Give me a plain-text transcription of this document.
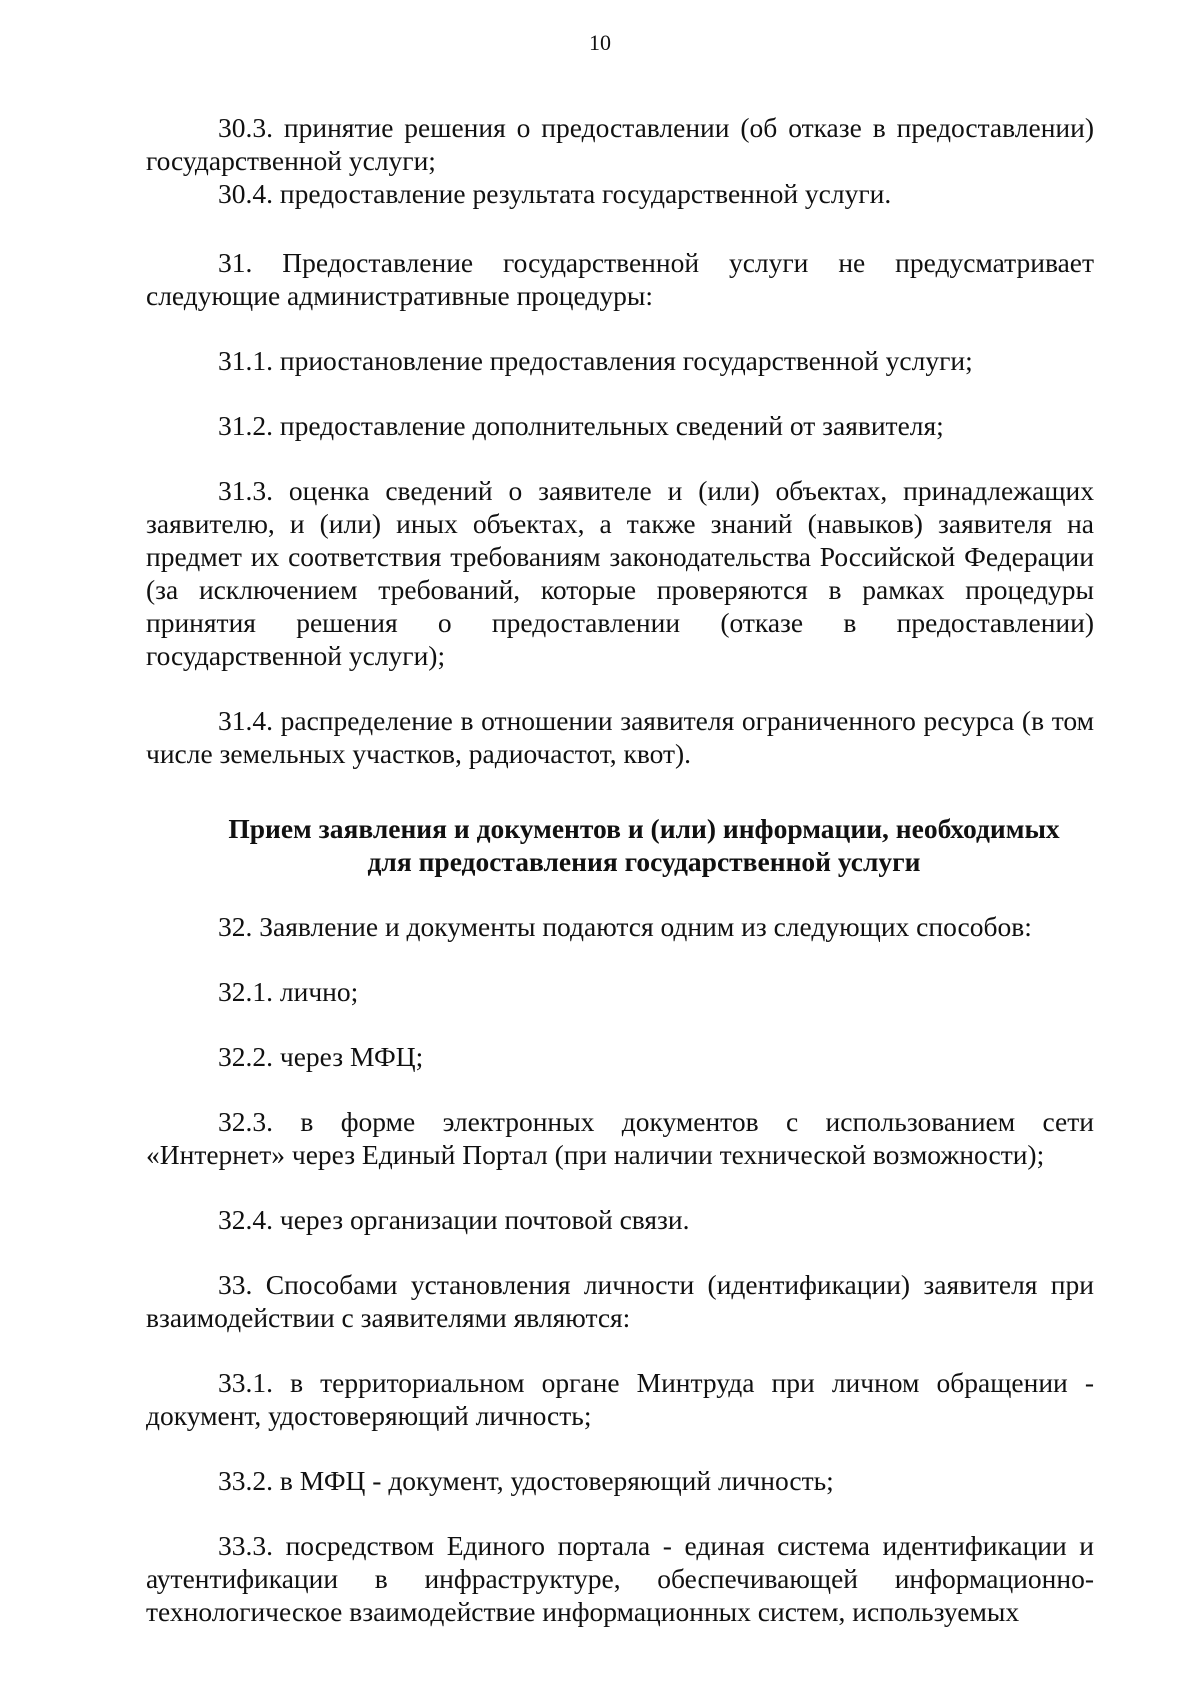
10

30.3. принятие решения о предоставлении (об отказе в предоставлении) государственной услуги;

30.4. предоставление результата государственной услуги.

31. Предоставление государственной услуги не предусматривает следующие административные процедуры:

31.1. приостановление предоставления государственной услуги;

31.2. предоставление дополнительных сведений от заявителя;

31.3. оценка сведений о заявителе и (или) объектах, принадлежащих заявителю, и (или) иных объектах, а также знаний (навыков) заявителя на предмет их соответствия требованиям законодательства Российской Федерации (за исключением требований, которые проверяются в рамках процедуры принятия решения о предоставлении (отказе в предоставлении) государственной услуги);

31.4. распределение в отношении заявителя ограниченного ресурса (в том числе земельных участков, радиочастот, квот).

Прием заявления и документов и (или) информации, необходимых
для предоставления государственной услуги

32. Заявление и документы подаются одним из следующих способов:

32.1. лично;

32.2. через МФЦ;

32.3. в форме электронных документов с использованием сети «Интернет» через Единый Портал (при наличии технической возможности);

32.4. через организации почтовой связи.

33. Способами установления личности (идентификации) заявителя при взаимодействии с заявителями являются:

33.1. в территориальном органе Минтруда при личном обращении - документ, удостоверяющий личность;

33.2. в МФЦ - документ, удостоверяющий личность;

33.3. посредством Единого портала - единая система идентификации и аутентификации в инфраструктуре, обеспечивающей информационно-технологическое взаимодействие информационных систем, используемых
